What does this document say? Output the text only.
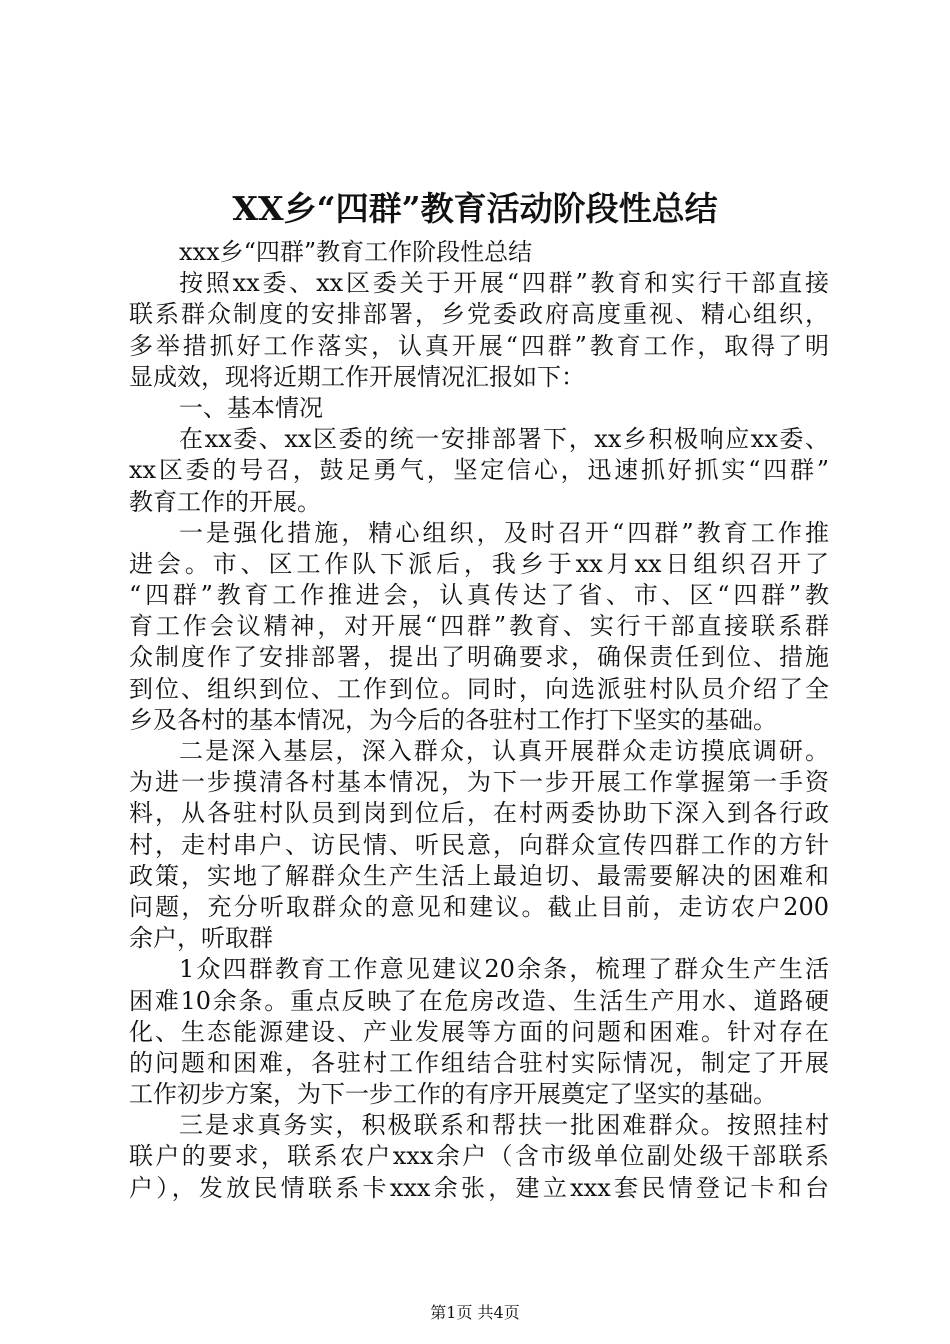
XX乡“四群”教育活动阶段性总结
xxx乡“四群”教育工作阶段性总结
按照xx委、xx区委关于开展“四群”教育和实行干部直接
联系群众制度的安排部署，乡党委政府高度重视、精心组织，
多举措抓好工作落实，认真开展“四群”教育工作，取得了明
显成效，现将近期工作开展情况汇报如下：
一、基本情况
在xx委、xx区委的统一安排部署下，xx乡积极响应xx委、
xx区委的号召，鼓足勇气，坚定信心，迅速抓好抓实“四群”
教育工作的开展。
一是强化措施，精心组织，及时召开“四群”教育工作推
进会。市、区工作队下派后，我乡于xx月xx日组织召开了
“四群”教育工作推进会，认真传达了省、市、区“四群”教
育工作会议精神，对开展“四群”教育、实行干部直接联系群
众制度作了安排部署，提出了明确要求，确保责任到位、措施
到位、组织到位、工作到位。同时，向选派驻村队员介绍了全
乡及各村的基本情况，为今后的各驻村工作打下坚实的基础。
二是深入基层，深入群众，认真开展群众走访摸底调研。
为进一步摸清各村基本情况，为下一步开展工作掌握第一手资
料，从各驻村队员到岗到位后，在村两委协助下深入到各行政
村，走村串户、访民情、听民意，向群众宣传四群工作的方针
政策，实地了解群众生产生活上最迫切、最需要解决的困难和
问题，充分听取群众的意见和建议。截止目前，走访农户200
余户，听取群
1众四群教育工作意见建议20余条，梳理了群众生产生活
困难10余条。重点反映了在危房改造、生活生产用水、道路硬
化、生态能源建设、产业发展等方面的问题和困难。针对存在
的问题和困难，各驻村工作组结合驻村实际情况，制定了开展
工作初步方案，为下一步工作的有序开展奠定了坚实的基础。
三是求真务实，积极联系和帮扶一批困难群众。按照挂村
联户的要求，联系农户xxx余户（含市级单位副处级干部联系
户），发放民情联系卡xxx余张，建立xxx套民情登记卡和台
第1页 共4页
